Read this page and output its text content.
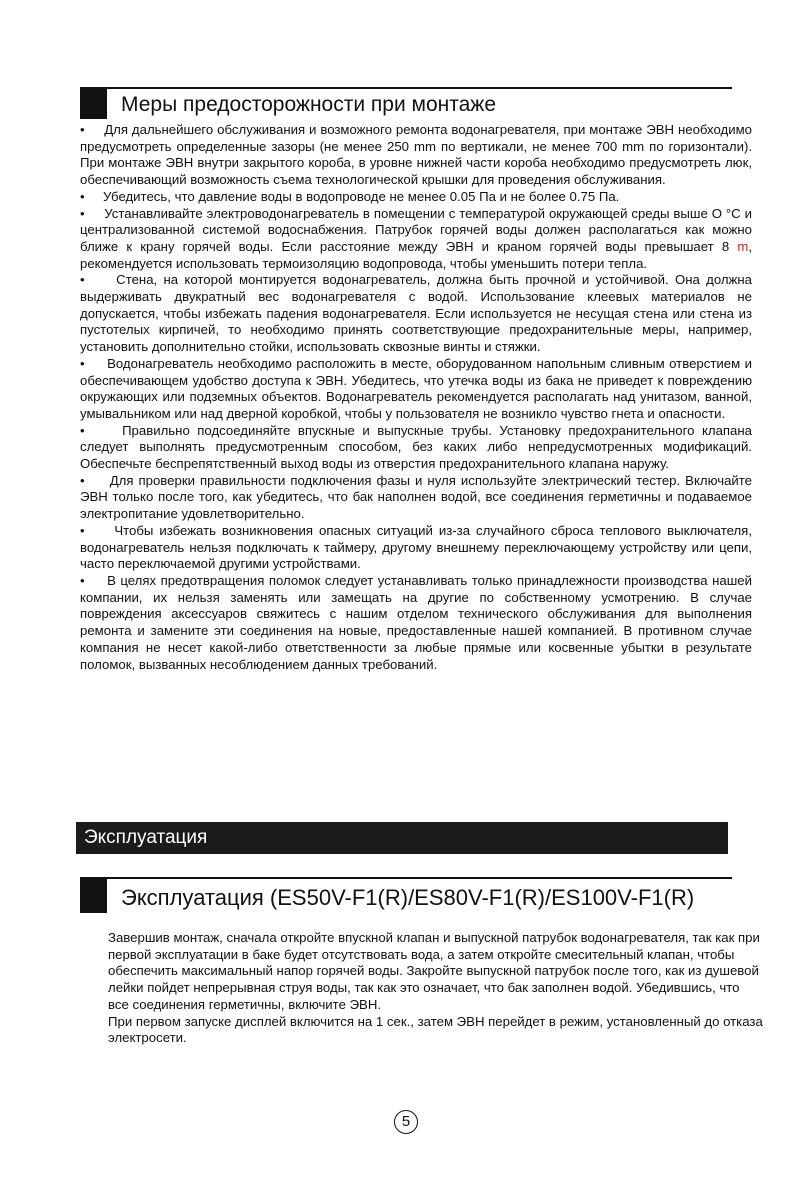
Меры предосторожности при монтаже

• Для дальнейшего обслуживания и возможного ремонта водонагревателя, при монтаже ЭВН необходимо предусмотреть определенные зазоры (не менее 250 mm по вертикали, не менее 700 mm по горизонтали). При монтаже ЭВН внутри закрытого короба, в уровне нижней части короба необходимо предусмотреть люк, обеспечивающий возможность съема технологической крышки для проведения обслуживания.

• Убедитесь, что давление воды в водопроводе не менее 0.05 Па и не более 0.75 Па.

• Устанавливайте электроводонагреватель в помещении с температурой окружающей среды выше О °С и централизованной системой водоснабжения. Патрубок горячей воды должен располагаться как можно ближе к крану горячей воды. Если расстояние между ЭВН и краном горячей воды превышает 8 m, рекомендуется использовать термоизоляцию водопровода, чтобы уменьшить потери тепла.

• Стена, на которой монтируется водонагреватель, должна быть прочной и устойчивой. Она должна выдерживать двукратный вес водонагревателя с водой. Использование клеевых материалов не допускается, чтобы избежать падения водонагревателя. Если используется не несущая стена или стена из пустотелых кирпичей, то необходимо принять соответствующие предохранительные меры, например, установить дополнительно стойки, использовать сквозные винты и стяжки.

• Водонагреватель необходимо расположить в месте, оборудованном напольным сливным отверстием и обеспечивающем удобство доступа к ЭВН. Убедитесь, что утечка воды из бака не приведет к повреждению окружающих или подземных объектов. Водонагреватель рекомендуется располагать над унитазом, ванной, умывальником или над дверной коробкой, чтобы у пользователя не возникло чувство гнета и опасности.

•	Правильно подсоединяйте впускные и выпускные трубы. Установку предохранительного клапана следует выполнять предусмотренным способом, без каких либо непредусмотренных модификаций. Обеспечьте беспрепятственный выход воды из отверстия предохранительного клапана наружу.

• Для проверки правильности подключения фазы и нуля используйте электрический тестер. Включайте ЭВН только после того, как убедитесь, что бак наполнен водой, все соединения герметичны и подаваемое электропитание удовлетворительно.

• Чтобы избежать возникновения опасных ситуаций из-за случайного сброса теплового выключателя, водонагреватель нельзя подключать к таймеру, другому внешнему переключающему устройству или цепи, часто переключаемой другими устройствами.

• В целях предотвращения поломок следует устанавливать только принадлежности производства нашей компании, их нельзя заменять или замещать на другие по собственному усмотрению. В случае повреждения аксессуаров свяжитесь с нашим отделом технического обслуживания для выполнения ремонта и замените эти соединения на новые, предоставленные нашей компанией. В противном случае компания не несет какой-либо ответственности за любые прямые или косвенные убытки в результате поломок, вызванных несоблюдением данных требований.

Эксплуатация
Эксплуатация (ES50V-F1(R)/ES80V-F1(R)/ES100V-F1(R)

Завершив монтаж, сначала откройте впускной клапан и выпускной патрубок водонагревателя, так как при первой эксплуатации в баке будет отсутствовать вода, а затем откройте смесительный клапан, чтобы обеспечить максимальный напор горячей воды. Закройте выпускной патрубок после того, как из душевой лейки пойдет непрерывная струя воды, так как это означает, что бак заполнен водой. Убедившись, что все соединения герметичны, включите ЭВН.

При первом запуске дисплей включится на 1 сек., затем ЭВН перейдет в режим, установленный до отказа электросети.

5
